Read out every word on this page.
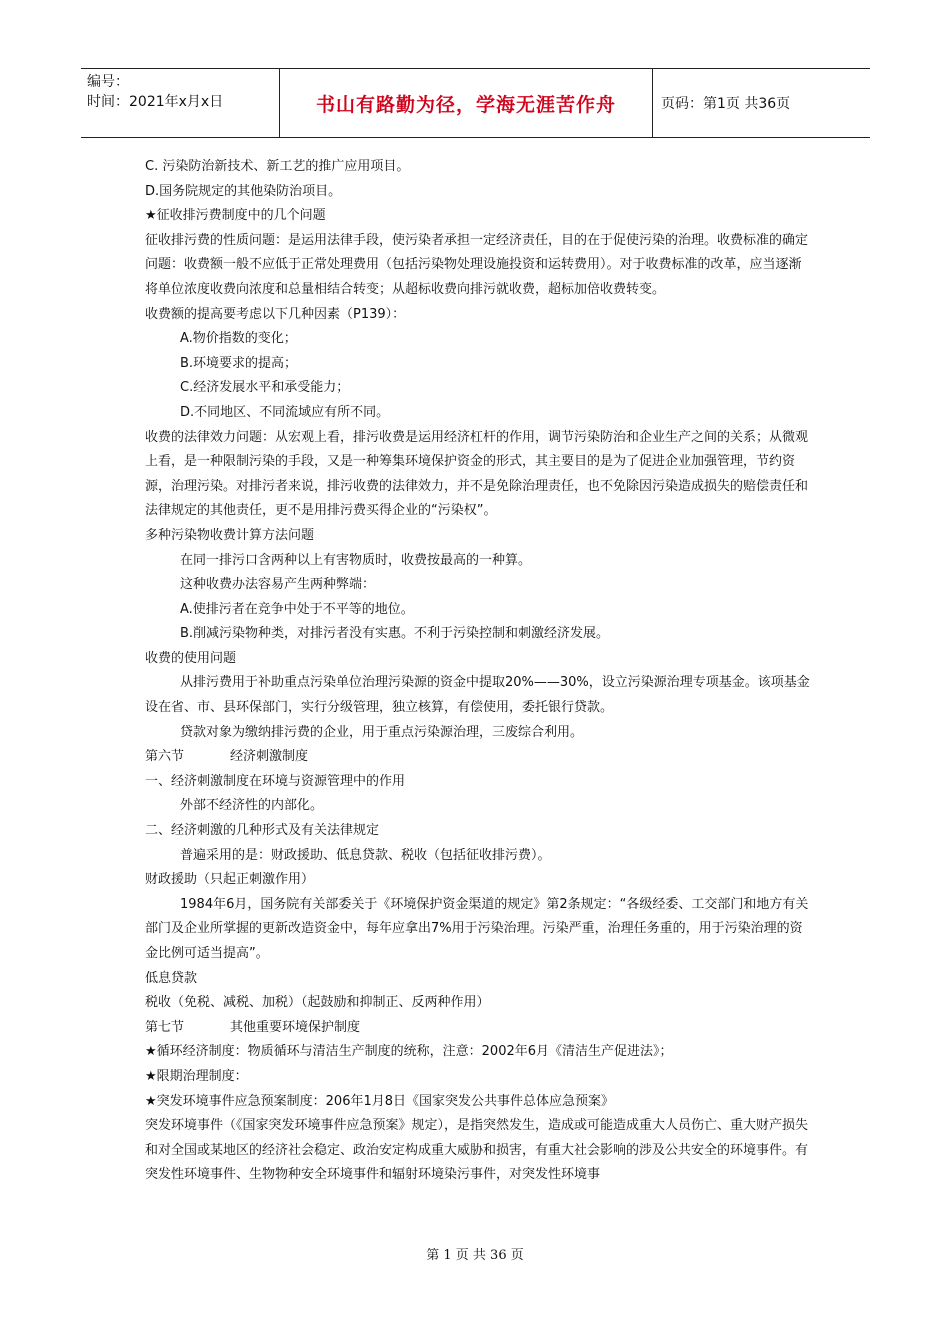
编号：
时间：2021年x月x日	书山有路勤为径，学海无涯苦作舟	页码：第1页 共36页

C. 污染防治新技术、新工艺的推广应用项目。

D.国务院规定的其他染防治项目。

★征收排污费制度中的几个问题

征收排污费的性质问题：是运用法律手段，使污染者承担一定经济责任，目的在于促使污染的治理。收费标准的确定问题：收费额一般不应低于正常处理费用（包括污染物处理设施投资和运转费用）。对于收费标准的改革，应当逐渐将单位浓度收费向浓度和总量相结合转变；从超标收费向排污就收费，超标加倍收费转变。

收费额的提高要考虑以下几种因素（P139）：

A.物价指数的变化；

B.环境要求的提高；

C.经济发展水平和承受能力；

D.不同地区、不同流域应有所不同。

收费的法律效力问题：从宏观上看，排污收费是运用经济杠杆的作用，调节污染防治和企业生产之间的关系；从微观上看，是一种限制污染的手段，又是一种筹集环境保护资金的形式，其主要目的是为了促进企业加强管理，节约资源，治理污染。对排污者来说，排污收费的法律效力，并不是免除治理责任，也不免除因污染造成损失的赔偿责任和法律规定的其他责任，更不是用排污费买得企业的“污染权”。

多种污染物收费计算方法问题

在同一排污口含两种以上有害物质时，收费按最高的一种算。

这种收费办法容易产生两种弊端：

A.使排污者在竞争中处于不平等的地位。

B.削减污染物种类，对排污者没有实惠。不利于污染控制和刺激经济发展。

收费的使用问题

从排污费用于补助重点污染单位治理污染源的资金中提取20%——30%，设立污染源治理专项基金。该项基金设在省、市、县环保部门，实行分级管理，独立核算，有偿使用，委托银行贷款。

贷款对象为缴纳排污费的企业，用于重点污染源治理，三废综合利用。

第六节	经济刺激制度

一、经济刺激制度在环境与资源管理中的作用

外部不经济性的内部化。

二、经济刺激的几种形式及有关法律规定

普遍采用的是：财政援助、低息贷款、税收（包括征收排污费）。

财政援助（只起正刺激作用）

1984年6月，国务院有关部委关于《环境保护资金渠道的规定》第2条规定：“各级经委、工交部门和地方有关部门及企业所掌握的更新改造资金中，每年应拿出7%用于污染治理。污染严重，治理任务重的，用于污染治理的资金比例可适当提高”。

低息贷款

税收（免税、减税、加税）（起鼓励和抑制正、反两种作用）

第七节	其他重要环境保护制度

★循环经济制度：物质循环与清洁生产制度的统称，注意：2002年6月《清洁生产促进法》；

★限期治理制度：

★突发环境事件应急预案制度：206年1月8日《国家突发公共事件总体应急预案》

突发环境事件（《国家突发环境事件应急预案》规定），是指突然发生，造成或可能造成重大人员伤亡、重大财产损失和对全国或某地区的经济社会稳定、政治安定构成重大威胁和损害，有重大社会影响的涉及公共安全的环境事件。有突发性环境事件、生物物种安全环境事件和辐射环境染污事件，对突发性环境事

第 1 页 共 36 页
